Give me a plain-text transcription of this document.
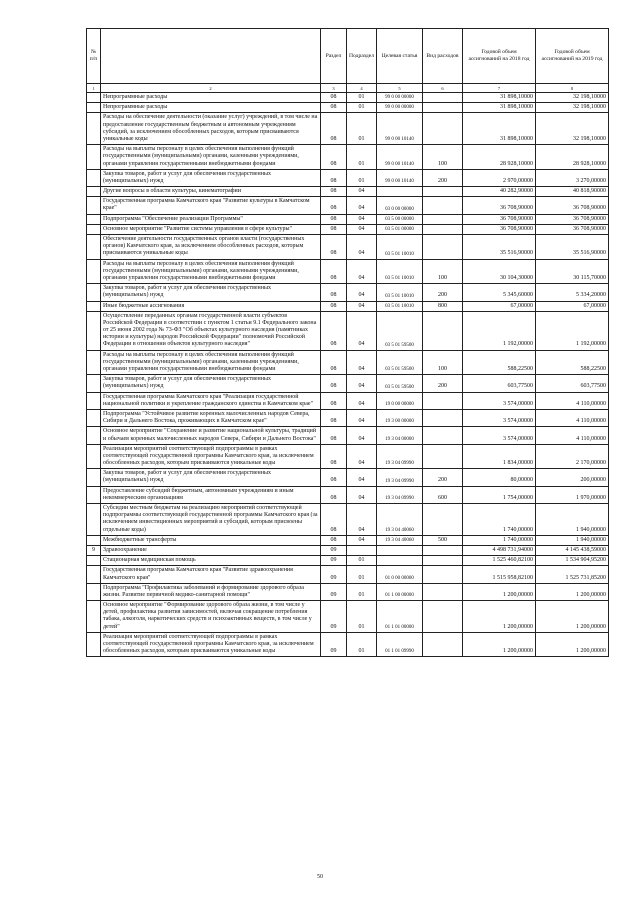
№ п/п		Раздел	Подраздел	Целевая статья	Вид расходов	Годовой объем ассигнований на 2018 год	Годовой объем ассигнований на 2019 год
1	2	3	4	5	6	7	8
	Непрограммные расходы	08	01	99 0 00 00000		31 898,10000	32 198,10000
	Непрограммные расходы	08	01	99 0 00 00000		31 898,10000	32 198,10000
	Расходы на обеспечение деятельности (оказание услуг) учреждений, в том числе на предоставление государственным бюджетным и автономным учреждениям субсидий, за исключением обособленных расходов, которым присваиваются уникальные коды	08	01	99 0 00 10140		31 898,10000	32 198,10000
	Расходы на выплаты персоналу в целях обеспечения выполнения функций государственными (муниципальными) органами, казенными учреждениями, органами управления государственными внебюджетными фондами	08	01	99 0 00 10140	100	28 928,10000	28 928,10000
	Закупка товаров, работ и услуг для обеспечения государственных (муниципальных) нужд	08	01	99 0 00 10140	200	2 970,00000	3 270,00000
	Другие вопросы в области культуры, кинематографии	08	04			40 282,90000	40 818,90000
	Государственная программа Камчатского края "Развитие культуры в Камчатском крае"	08	04	03 0 00 00000		36 708,90000	36 708,90000
	Подпрограмма "Обеспечение реализации Программы"	08	04	03 5 00 00000		36 708,90000	36 708,90000
	Основное мероприятие "Развитие системы управления в сфере культуры"	08	04	03 5 01 00000		36 708,90000	36 708,90000
	Обеспечение деятельности государственных органов власти (государственных органов) Камчатского края, за исключением обособленных расходов, которым присваиваются уникальные коды	08	04	03 5 01 10010		35 516,90000	35 516,90000
	Расходы на выплаты персоналу в целях обеспечения выполнения функций государственными (муниципальными) органами, казенными учреждениями, органами управления государственными внебюджетными фондами	08	04	03 5 01 10010	100	30 104,30000	30 115,70000
	Закупка товаров, работ и услуг для обеспечения государственных (муниципальных) нужд	08	04	03 5 01 10010	200	5 345,60000	5 334,20000
	Иные бюджетные ассигнования	08	04	03 5 01 10010	800	67,00000	67,00000
	Осуществление переданных органам государственной власти субъектов Российской Федерации в соответствии с пунктом 1 статьи 9.1 Федерального закона от 25 июня 2002 года № 73-ФЗ "Об объектах культурного наследия (памятниках истории и культуры) народов Российской Федерации" полномочий Российской Федерации в отношении объектов культурного наследия"	08	04	03 5 01 59500		1 192,00000	1 192,00000
	Расходы на выплаты персоналу в целях обеспечения выполнения функций государственными (муниципальными) органами, казенными учреждениями, органами управления государственными внебюджетными фондами	08	04	03 5 01 59500	100	588,22500	588,22500
	Закупка товаров, работ и услуг для обеспечения государственных (муниципальных) нужд	08	04	03 5 01 59500	200	603,77500	603,77500
	Государственная программа Камчатского края "Реализация государственной национальной политики и укрепление гражданского единства в Камчатском крае"	08	04	19 0 00 00000		3 574,00000	4 110,00000
	Подпрограмма "Устойчивое развитие коренных малочисленных народов Севера, Сибири и Дальнего Востока, проживающих в Камчатском крае"	08	04	19 3 00 00000		3 574,00000	4 110,00000
	Основное мероприятие "Сохранение и развитие национальной культуры, традиций и обычаев коренных малочисленных народов Севера, Сибири и Дальнего Востока"	08	04	19 3 04 00000		3 574,00000	4 110,00000
	Реализация мероприятий соответствующей подпрограммы в рамках соответствующей государственной программы Камчатского края, за исключением обособленных расходов, которым присваиваются уникальные коды	08	04	19 3 04 09990		1 834,00000	2 170,00000
	Закупка товаров, работ и услуг для обеспечения государственных (муниципальных) нужд	08	04	19 3 04 09990	200	80,00000	200,00000
	Предоставление субсидий бюджетным, автономным учреждениям и иным некоммерческим организациям	08	04	19 3 04 09990	600	1 754,00000	1 970,00000
	Субсидии местным бюджетам на реализацию мероприятий соответствующей подпрограммы соответствующей государственной программы Камчатского края (за исключением инвестиционных мероприятий и субсидий, которым присвоены отдельные коды)	08	04	19 3 04 40060		1 740,00000	1 940,00000
	Межбюджетные трансферты	08	04	19 3 04 40060	500	1 740,00000	1 940,00000
9	Здравоохранение	09				4 498 731,94000	4 145 438,59000
	Стационарная медицинская помощь	09	01			1 525 460,82100	1 534 904,95200
	Государственная программа Камчатского края "Развитие здравоохранения Камчатского края"	09	01	01 0 00 00000		1 515 958,82100	1 525 731,85200
	Подпрограмма "Профилактика заболеваний и формирование здорового образа жизни. Развитие первичной медико-санитарной помощи"	09	01	01 1 00 00000		1 200,00000	1 200,00000
	Основное мероприятие "Формирование здорового образа жизни, в том числе у детей, профилактика развития зависимостей, включая сокращение потребления табака, алкоголя, наркотических средств и психоактивных веществ, в том числе у детей"	09	01	01 1 01 00000		1 200,00000	1 200,00000
	Реализация мероприятий соответствующей подпрограммы в рамках соответствующей государственной программы Камчатского края, за исключением обособленных расходов, которым присваиваются уникальные коды	09	01	01 1 01 09990		1 200,00000	1 200,00000
50
